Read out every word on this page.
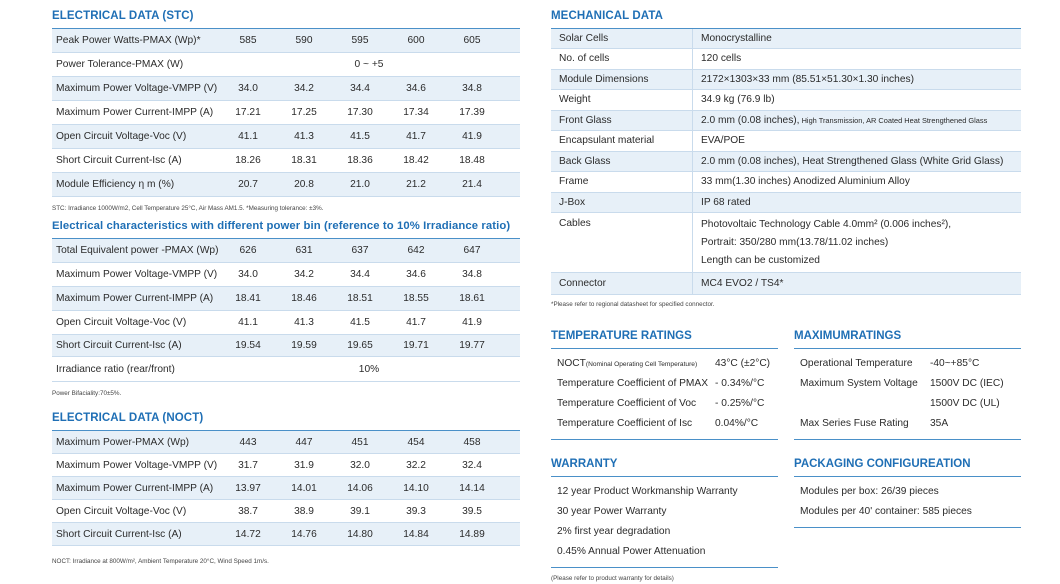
ELECTRICAL DATA (STC)
Peak Power Watts-PMAX (Wp)*	585	590	595	600	605
Power Tolerance-PMAX (W)	0 ~ +5
Maximum Power Voltage-VMPP (V)	34.0	34.2	34.4	34.6	34.8
Maximum Power Current-IMPP (A)	17.21	17.25	17.30	17.34	17.39
Open Circuit Voltage-Voc (V)	41.1	41.3	41.5	41.7	41.9
Short Circuit Current-Isc (A)	18.26	18.31	18.36	18.42	18.48
Module Efficiency η m (%)	20.7	20.8	21.0	21.2	21.4
STC: Irradiance 1000W/m2, Cell Temperature 25°C, Air Mass AM1.5. *Measuring tolerance: ±3%.
Electrical characteristics with different power bin (reference to 10% Irradiance ratio)
Total Equivalent power -PMAX (Wp)	626	631	637	642	647
Maximum Power Voltage-VMPP (V)	34.0	34.2	34.4	34.6	34.8
Maximum Power Current-IMPP (A)	18.41	18.46	18.51	18.55	18.61
Open Circuit Voltage-Voc (V)	41.1	41.3	41.5	41.7	41.9
Short Circuit Current-Isc (A)	19.54	19.59	19.65	19.71	19.77
Irradiance ratio (rear/front)	10%
Power Bifaciality:70±5%.
ELECTRICAL DATA (NOCT)
Maximum Power-PMAX (Wp)	443	447	451	454	458
Maximum Power Voltage-VMPP (V)	31.7	31.9	32.0	32.2	32.4
Maximum Power Current-IMPP (A)	13.97	14.01	14.06	14.10	14.14
Open Circuit Voltage-Voc (V)	38.7	38.9	39.1	39.3	39.5
Short Circuit Current-Isc (A)	14.72	14.76	14.80	14.84	14.89
NOCT: Irradiance at 800W/m², Ambient Temperature 20°C, Wind Speed 1m/s.
MECHANICAL DATA
Solar Cells	Monocrystalline
No. of cells	120 cells
Module Dimensions	2172×1303×33 mm (85.51×51.30×1.30 inches)
Weight	34.9 kg (76.9 lb)
Front Glass	2.0 mm (0.08 inches), High Transmission, AR Coated Heat Strengthened Glass
Encapsulant material	EVA/POE
Back Glass	2.0 mm (0.08 inches), Heat Strengthened Glass (White Grid Glass)
Frame	33 mm(1.30 inches) Anodized Aluminium Alloy
J-Box	IP 68 rated
Cables	Photovoltaic Technology Cable 4.0mm² (0.006 inches²),
Portrait: 350/280 mm(13.78/11.02 inches)
Length can be customized
Connector	MC4 EVO2 / TS4*
*Please refer to regional datasheet for specified connector.
TEMPERATURE RATINGS
NOCT(Nominal Operating Cell Temperature)	43°C (±2°C)
Temperature Coefficient of PMAX - 0.34%/°C
Temperature Coefficient of Voc	- 0.25%/°C
Temperature Coefficient of Isc	0.04%/°C
MAXIMUMRATINGS
Operational Temperature	-40~+85°C
Maximum System Voltage	1500V DC (IEC)
1500V DC (UL)
Max Series Fuse Rating	35A
WARRANTY
12 year Product Workmanship Warranty
30 year Power Warranty
2% first year degradation
0.45% Annual Power Attenuation
(Please refer to product warranty for details)
PACKAGING CONFIGUREATION
Modules per box: 26/39 pieces
Modules per 40' container: 585 pieces
